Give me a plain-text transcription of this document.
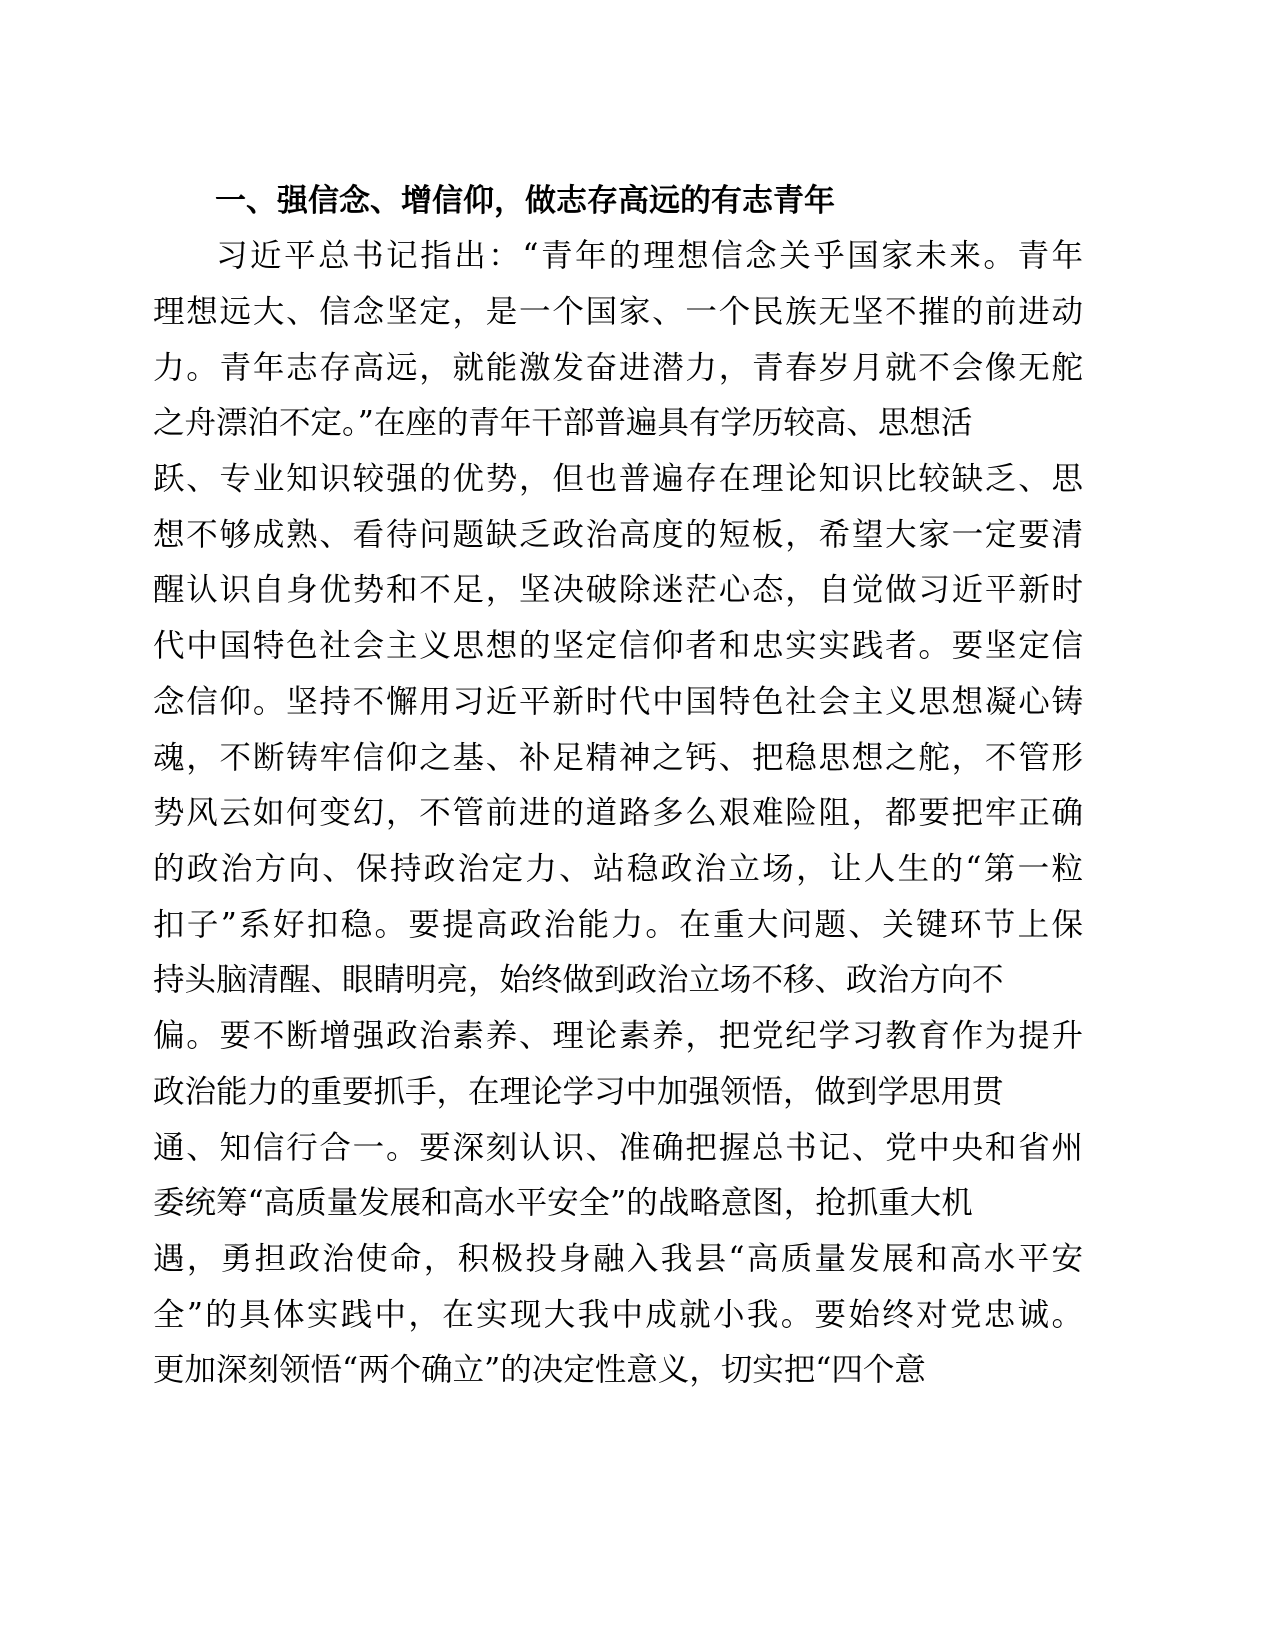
一、强信念、增信仰，做志存高远的有志青年
习近平总书记指出：“青年的理想信念关乎国家未来。青年
理想远大、信念坚定，是一个国家、一个民族无坚不摧的前进动
力。青年志存高远，就能激发奋进潜力，青春岁月就不会像无舵
之舟漂泊不定。”在座的青年干部普遍具有学历较高、思想活
跃、专业知识较强的优势，但也普遍存在理论知识比较缺乏、思
想不够成熟、看待问题缺乏政治高度的短板，希望大家一定要清
醒认识自身优势和不足，坚决破除迷茫心态，自觉做习近平新时
代中国特色社会主义思想的坚定信仰者和忠实实践者。要坚定信
念信仰。坚持不懈用习近平新时代中国特色社会主义思想凝心铸
魂，不断铸牢信仰之基、补足精神之钙、把稳思想之舵，不管形
势风云如何变幻，不管前进的道路多么艰难险阻，都要把牢正确
的政治方向、保持政治定力、站稳政治立场，让人生的“第一粒
扣子”系好扣稳。要提高政治能力。在重大问题、关键环节上保
持头脑清醒、眼睛明亮，始终做到政治立场不移、政治方向不
偏。要不断增强政治素养、理论素养，把党纪学习教育作为提升
政治能力的重要抓手，在理论学习中加强领悟，做到学思用贯
通、知信行合一。要深刻认识、准确把握总书记、党中央和省州
委统筹“高质量发展和高水平安全”的战略意图，抢抓重大机
遇，勇担政治使命，积极投身融入我县“高质量发展和高水平安
全”的具体实践中，在实现大我中成就小我。要始终对党忠诚。
更加深刻领悟“两个确立”的决定性意义，切实把“四个意
